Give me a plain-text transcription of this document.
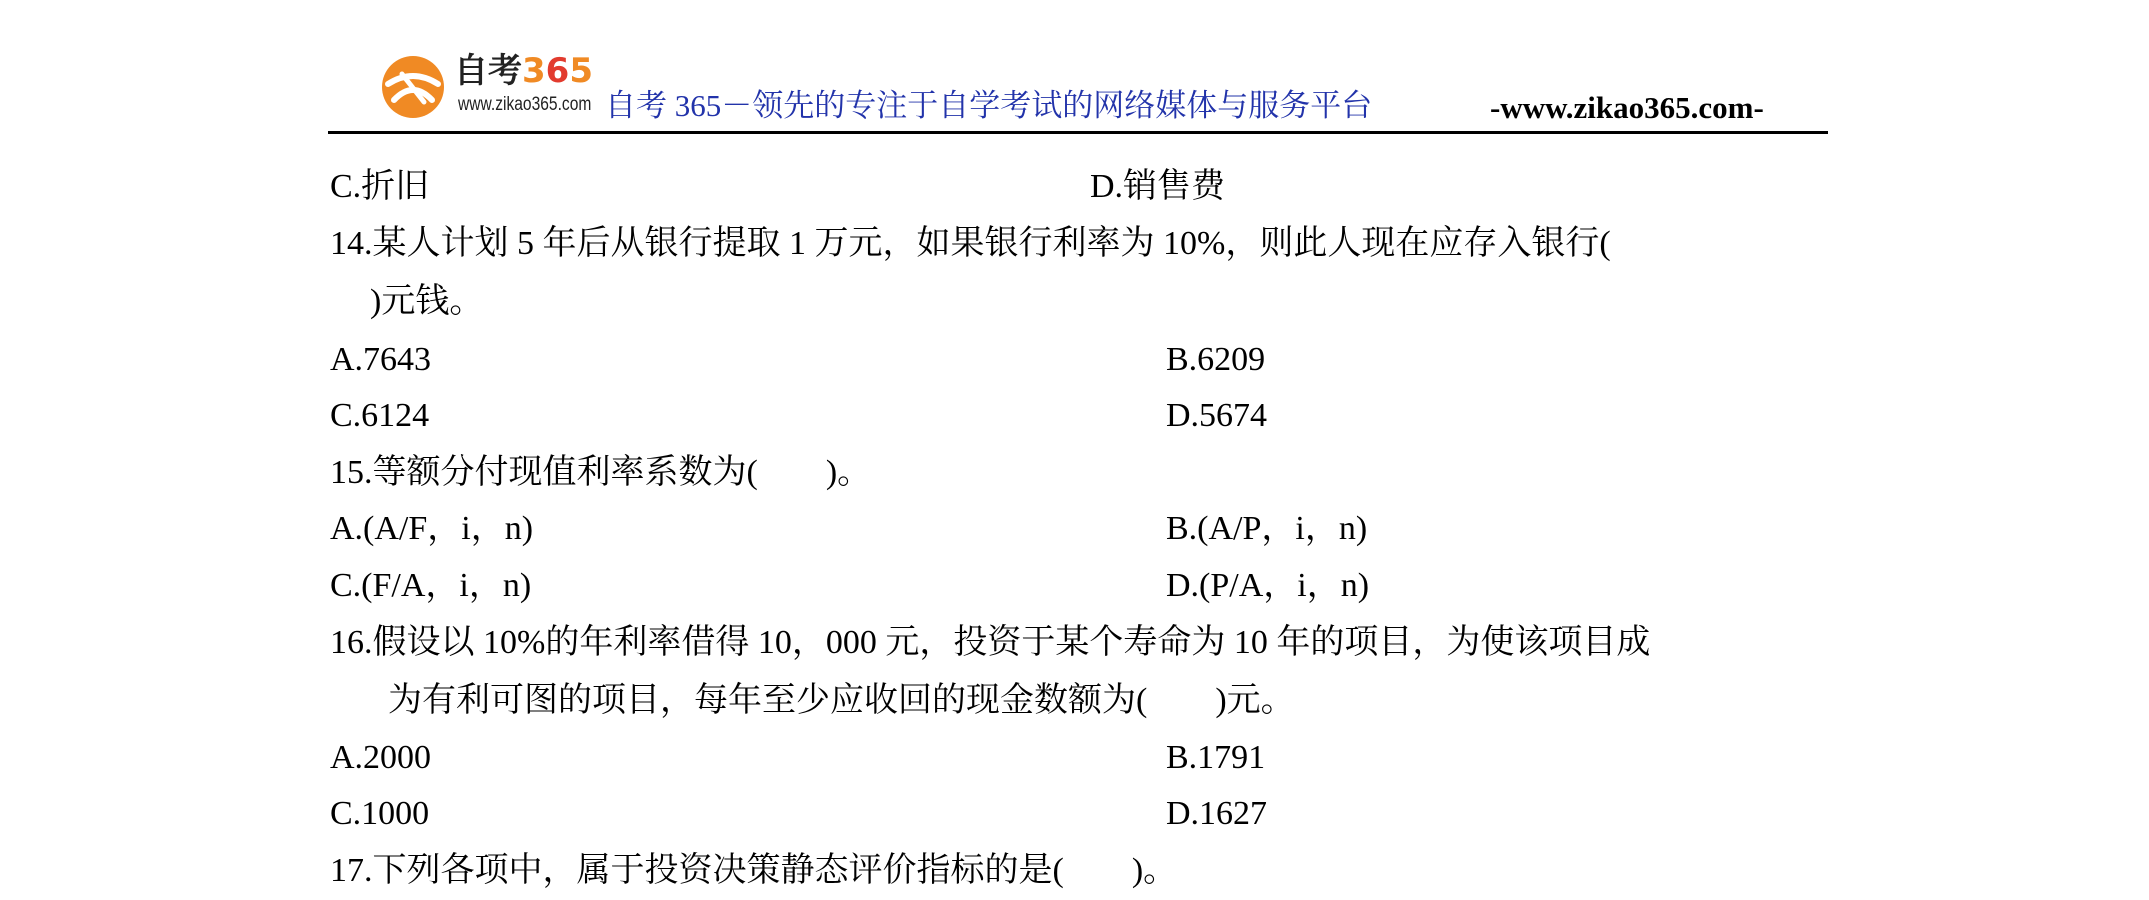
自考365
www.zikao365.com 自考 365－领先的专注于自学考试的网络媒体与服务平台	-www.zikao365.com-
C.折旧	D.销售费
14.某人计划 5 年后从银行提取 1 万元，如果银行利率为 10%，则此人现在应存入银行(
)元钱。
A.7643	B.6209
C.6124	D.5674
15.等额分付现值利率系数为(　　)。
A.(A/F，i，n)	B.(A/P，i，n)
C.(F/A，i，n)	D.(P/A，i，n)
16.假设以 10%的年利率借得 10，000 元，投资于某个寿命为 10 年的项目，为使该项目成
为有利可图的项目，每年至少应收回的现金数额为(　　)元。
A.2000	B.1791
C.1000	D.1627
17.下列各项中，属于投资决策静态评价指标的是(　　)。
